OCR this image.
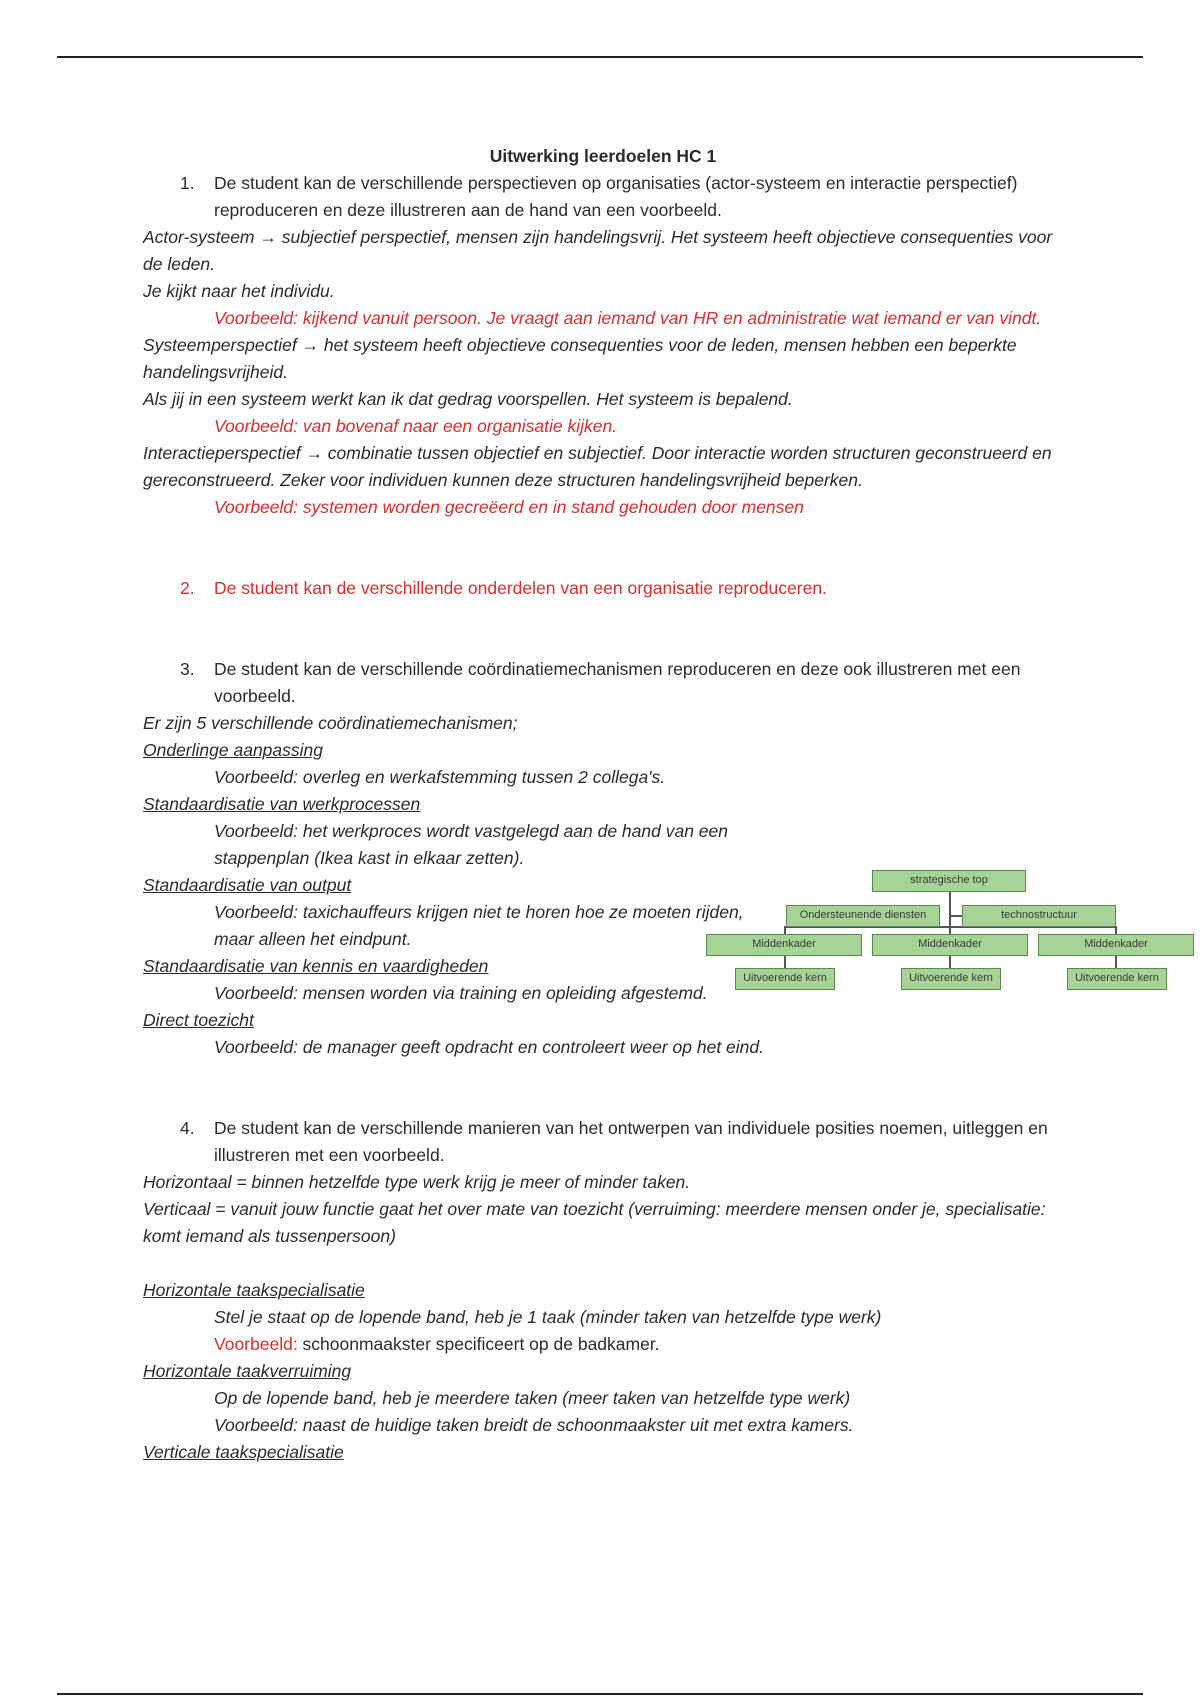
Uitwerking leerdoelen HC 1
1. De student kan de verschillende perspectieven op organisaties (actor-systeem en interactie perspectief) reproduceren en deze illustreren aan de hand van een voorbeeld.
Actor-systeem → subjectief perspectief, mensen zijn handelingsvrij. Het systeem heeft objectieve consequenties voor de leden.
Je kijkt naar het individu.
Voorbeeld: kijkend vanuit persoon. Je vraagt aan iemand van HR en administratie wat iemand er van vindt.
Systeemperspectief → het systeem heeft objectieve consequenties voor de leden, mensen hebben een beperkte handelingsvrijheid.
Als jij in een systeem werkt kan ik dat gedrag voorspellen. Het systeem is bepalend.
Voorbeeld: van bovenaf naar een organisatie kijken.
Interactieperspectief → combinatie tussen objectief en subjectief. Door interactie worden structuren geconstrueerd en gereconstrueerd. Zeker voor individuen kunnen deze structuren handelingsvrijheid beperken.
Voorbeeld: systemen worden gecreëerd en in stand gehouden door mensen
2. De student kan de verschillende onderdelen van een organisatie reproduceren.
3. De student kan de verschillende coördinatiemechanismen reproduceren en deze ook illustreren met een voorbeeld.
Er zijn 5 verschillende coördinatiemechanismen;
Onderlinge aanpassing
Voorbeeld: overleg en werkafstemming tussen 2 collega's.
Standaardisatie van werkprocessen
Voorbeeld: het werkproces wordt vastgelegd aan de hand van een stappenplan (Ikea kast in elkaar zetten).
Standaardisatie van output
Voorbeeld: taxichauffeurs krijgen niet te horen hoe ze moeten rijden, maar alleen het eindpunt.
Standaardisatie van kennis en vaardigheden
Voorbeeld: mensen worden via training en opleiding afgestemd.
Direct toezicht
Voorbeeld: de manager geeft opdracht en controleert weer op het eind.
4. De student kan de verschillende manieren van het ontwerpen van individuele posities noemen, uitleggen en illustreren met een voorbeeld.
Horizontaal = binnen hetzelfde type werk krijg je meer of minder taken.
Verticaal = vanuit jouw functie gaat het over mate van toezicht (verruiming: meerdere mensen onder je, specialisatie: komt iemand als tussenpersoon)
Horizontale taakspecialisatie
Stel je staat op de lopende band, heb je 1 taak (minder taken van hetzelfde type werk)
Voorbeeld: schoonmaakster specificeert op de badkamer.
Horizontale taakverruiming
Op de lopende band, heb je meerdere taken (meer taken van hetzelfde type werk)
Voorbeeld: naast de huidige taken breidt de schoonmaakster uit met extra kamers.
Verticale taakspecialisatie
strategische top
Ondersteunende diensten	technostructuur
Middenkader	Middenkader	Middenkader
Uitvoerende kern	Uitvoerende kern	Uitvoerende kern
